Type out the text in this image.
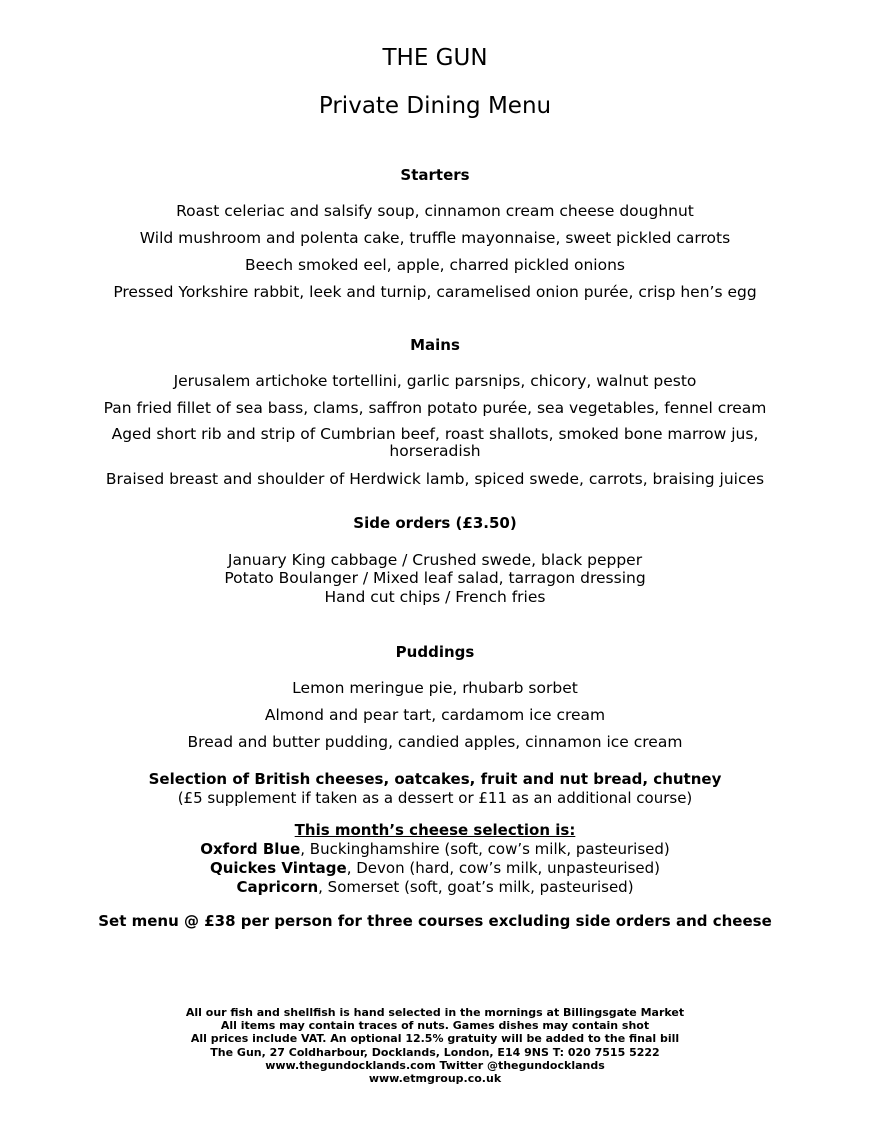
THE GUN
Private Dining Menu
Starters
Roast celeriac and salsify soup, cinnamon cream cheese doughnut
Wild mushroom and polenta cake, truffle mayonnaise, sweet pickled carrots
Beech smoked eel, apple, charred pickled onions
Pressed Yorkshire rabbit, leek and turnip, caramelised onion purée, crisp hen’s egg
Mains
Jerusalem artichoke tortellini, garlic parsnips, chicory, walnut pesto
Pan fried fillet of sea bass, clams, saffron potato purée, sea vegetables, fennel cream
Aged short rib and strip of Cumbrian beef, roast shallots, smoked bone marrow jus, horseradish
Braised breast and shoulder of Herdwick lamb, spiced swede, carrots, braising juices
Side orders (£3.50)
January King cabbage / Crushed swede, black pepper
Potato Boulanger / Mixed leaf salad, tarragon dressing
Hand cut chips / French fries
Puddings
Lemon meringue pie, rhubarb sorbet
Almond and pear tart, cardamom ice cream
Bread and butter pudding, candied apples, cinnamon ice cream
Selection of British cheeses, oatcakes, fruit and nut bread, chutney
(£5 supplement if taken as a dessert or £11 as an additional course)
This month’s cheese selection is:
Oxford Blue, Buckinghamshire (soft, cow’s milk, pasteurised)
Quickes Vintage, Devon (hard, cow’s milk, unpasteurised)
Capricorn, Somerset (soft, goat’s milk, pasteurised)
Set menu @ £38 per person for three courses excluding side orders and cheese
All our fish and shellfish is hand selected in the mornings at Billingsgate Market
All items may contain traces of nuts. Games dishes may contain shot
All prices include VAT. An optional 12.5% gratuity will be added to the final bill
The Gun, 27 Coldharbour, Docklands, London, E14 9NS T: 020 7515 5222
www.thegundocklands.com Twitter @thegundocklands
www.etmgroup.co.uk
